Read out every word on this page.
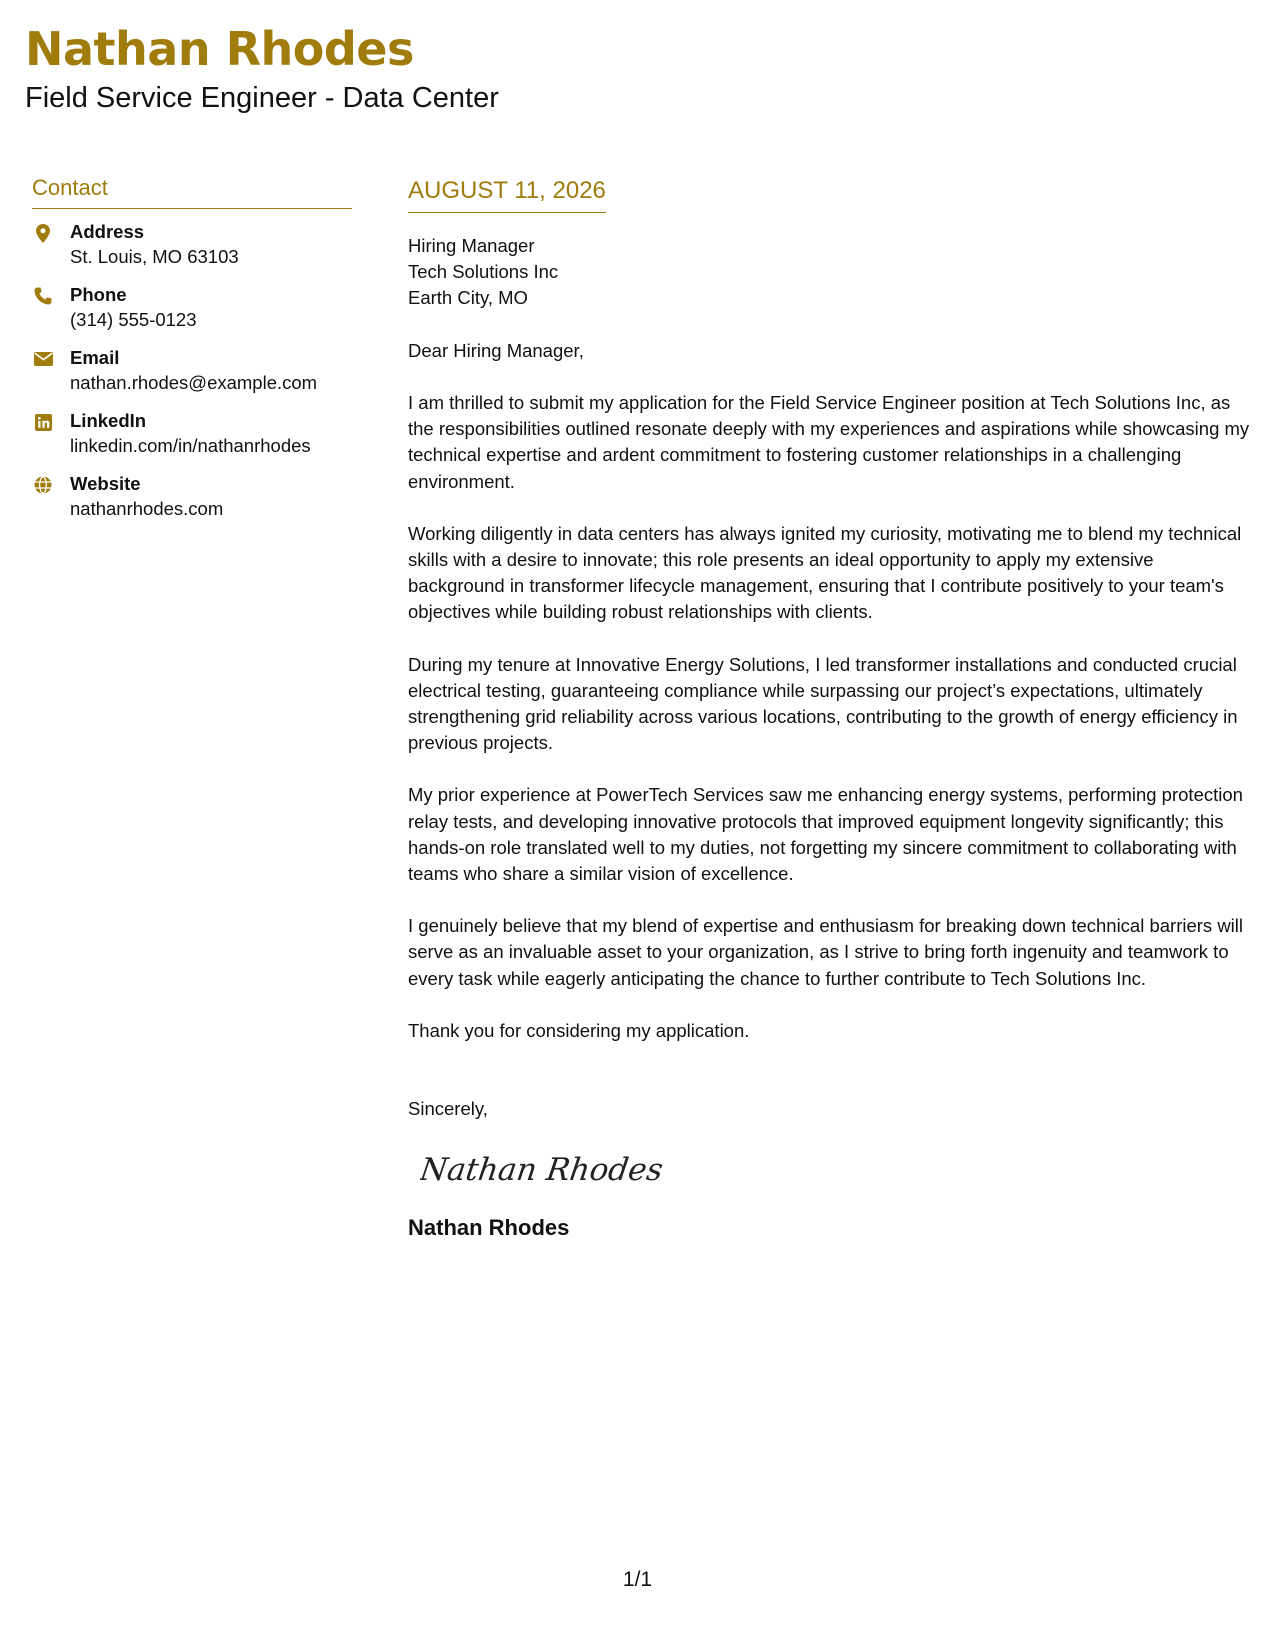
Nathan Rhodes
Field Service Engineer - Data Center
Contact
Address
St. Louis, MO 63103
Phone
(314) 555-0123
Email
nathan.rhodes@example.com
LinkedIn
linkedin.com/in/nathanrhodes
Website
nathanrhodes.com
AUGUST 11, 2026
Hiring Manager
Tech Solutions Inc
Earth City, MO
Dear Hiring Manager,

I am thrilled to submit my application for the Field Service Engineer position at Tech Solutions Inc, as the responsibilities outlined resonate deeply with my experiences and aspirations while showcasing my technical expertise and ardent commitment to fostering customer relationships in a challenging environment.

Working diligently in data centers has always ignited my curiosity, motivating me to blend my technical skills with a desire to innovate; this role presents an ideal opportunity to apply my extensive background in transformer lifecycle management, ensuring that I contribute positively to your team's objectives while building robust relationships with clients.

During my tenure at Innovative Energy Solutions, I led transformer installations and conducted crucial electrical testing, guaranteeing compliance while surpassing our project’s expectations, ultimately strengthening grid reliability across various locations, contributing to the growth of energy efficiency in previous projects.

My prior experience at PowerTech Services saw me enhancing energy systems, performing protection relay tests, and developing innovative protocols that improved equipment longevity significantly; this hands-on role translated well to my duties, not forgetting my sincere commitment to collaborating with teams who share a similar vision of excellence.

I genuinely believe that my blend of expertise and enthusiasm for breaking down technical barriers will serve as an invaluable asset to your organization, as I strive to bring forth ingenuity and teamwork to every task while eagerly anticipating the chance to further contribute to Tech Solutions Inc.

Thank you for considering my application.

Sincerely,
Nathan Rhodes
Nathan Rhodes
1/1
